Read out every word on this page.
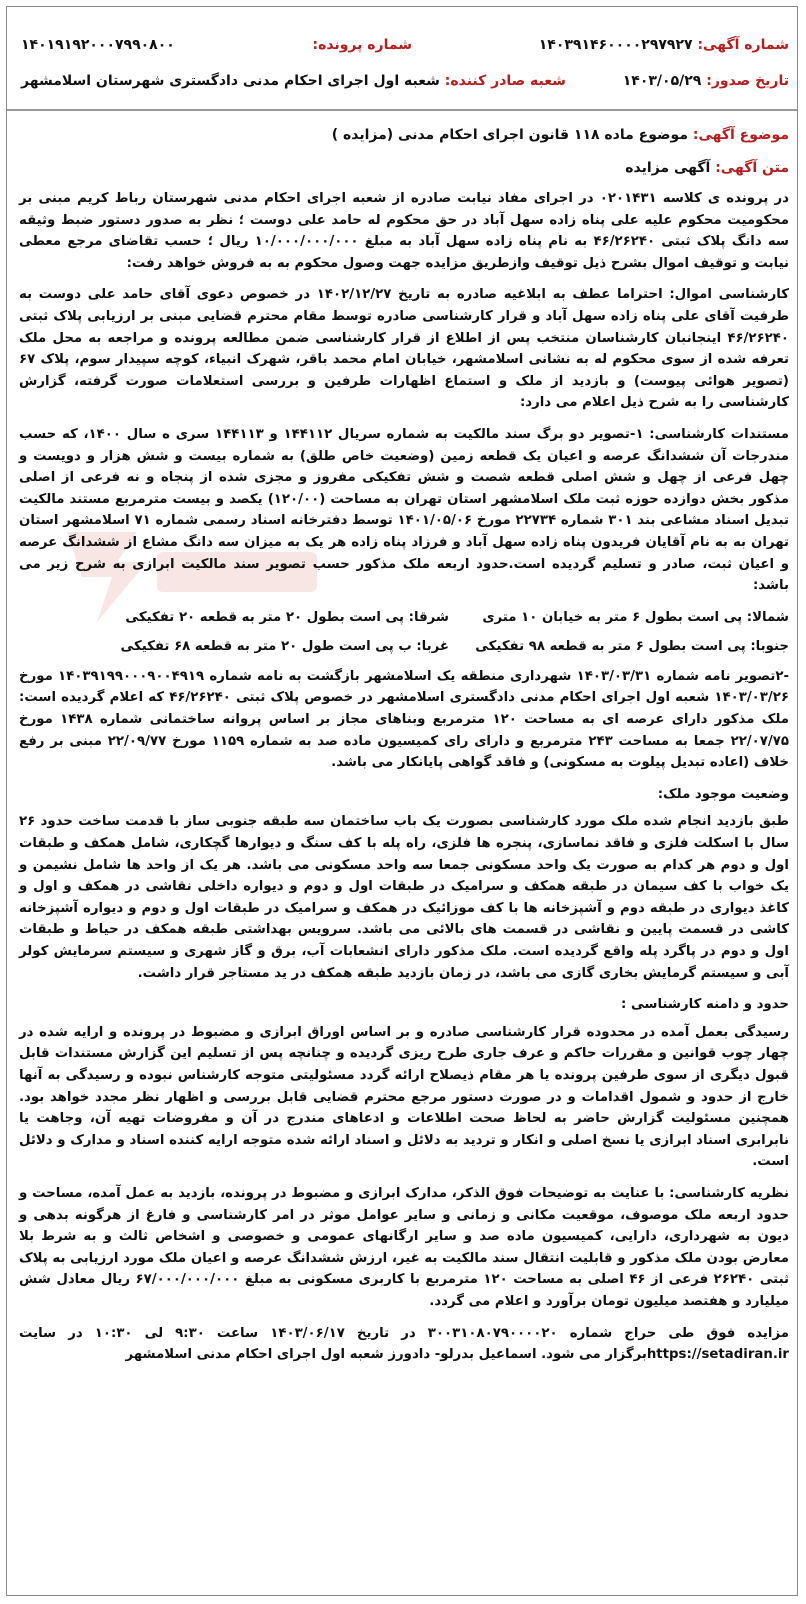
شماره آگهی: ۱۴۰۳۹۱۴۶۰۰۰۰۲۹۷۹۲۷
شماره پرونده:
۱۴۰۱۹۱۹۲۰۰۰۷۹۹۰۸۰۰
تاریخ صدور: ۱۴۰۳/۰۵/۲۹
شعبه صادر کننده: شعبه اول اجرای احکام مدنی دادگستری شهرستان اسلامشهر
موضوع آگهی: موضوع ماده ۱۱۸ قانون اجرای احکام مدنی (مزایده )
متن آگهی: آگهی مزایده

در پرونده ی کلاسه ۰۲۰۱۴۳۱ در اجرای مفاد نیابت صادره از شعبه اجرای احکام مدنی شهرستان رباط کریم مبنی بر محکومیت محکوم علیه علی پناه زاده سهل آباد در حق محکوم له حامد علی دوست ؛ نظر به صدور دستور ضبط وثیقه سه دانگ پلاک ثبتی ۴۶/۲۶۲۴۰ به نام پناه زاده سهل آباد به مبلغ ۱۰/۰۰۰/۰۰۰/۰۰۰ ریال ؛ حسب تقاضای مرجع معطی نیابت و توقیف اموال بشرح ذیل توقیف وازطریق مزایده جهت وصول محکوم به به فروش خواهد رفت:

کارشناسی اموال: احتراما عطف به ابلاغیه صادره به تاریخ ۱۴۰۲/۱۲/۲۷ در خصوص دعوی آقای حامد علی دوست به طرفیت آقای علی پناه زاده سهل آباد و قرار کارشناسی صادره توسط مقام محترم قضایی مبنی بر ارزیابی پلاک ثبتی ۴۶/۲۶۲۴۰ اینجانبان کارشناسان منتخب پس از اطلاع از قرار کارشناسی ضمن مطالعه پرونده و مراجعه به محل ملک تعرفه شده از سوی محکوم له به نشانی اسلامشهر، خیابان امام محمد باقر، شهرک انبیاء، کوچه سپیدار سوم، پلاک ۶۷ (تصویر هوائی پیوست) و بازدید از ملک و استماع اظهارات طرفین و بررسی استعلامات صورت گرفته، گزارش کارشناسی را به شرح ذیل اعلام می دارد:

مستندات کارشناسی: ۱-تصویر دو برگ سند مالکیت به شماره سریال ۱۴۴۱۱۲ و ۱۴۴۱۱۳ سری ه سال ۱۴۰۰، که حسب مندرجات آن ششدانگ عرصه و اعیان یک قطعه زمین (وضعیت خاص طلق) به شماره بیست و شش هزار و دویست و چهل فرعی از چهل و شش اصلی قطعه شصت و شش تفکیکی مفروز و مجزی شده از پنجاه و نه فرعی از اصلی مذکور بخش دوازده حوزه ثبت ملک اسلامشهر استان تهران به مساحت (۱۲۰/۰۰) یکصد و بیست مترمربع مستند مالکیت تبدیل اسناد مشاعی بند ۳۰۱ شماره ۲۲۷۳۴ مورخ ۱۴۰۱/۰۵/۰۶ توسط دفترخانه اسناد رسمی شماره ۷۱ اسلامشهر استان تهران به به نام آقایان فریدون پناه زاده سهل آباد و فرزاد پناه زاده هر یک به میزان سه دانگ مشاع از ششدانگ عرصه و اعیان ثبت، صادر و تسلیم گردیده است.حدود اربعه ملک مذکور حسب تصویر سند مالکیت ابرازی به شرح زیر می باشد:

شمالا: پی است بطول ۶ متر به خیابان ۱۰ متری
شرقا: پی است بطول ۲۰ متر به قطعه ۲۰ تفکیکی
جنوبا: پی است بطول ۶ متر به قطعه ۹۸ تفکیکی
غربا: ب پی است طول ۲۰ متر به قطعه ۶۸ تفکیکی

-۲تصویر نامه شماره ۱۴۰۳/۰۳/۳۱ شهرداری منطقه یک اسلامشهر بازگشت به نامه شماره ۱۴۰۳۹۱۹۹۰۰۰۹۰۰۴۹۱۹ مورخ ۱۴۰۳/۰۳/۲۶ شعبه اول اجرای احکام مدنی دادگستری اسلامشهر در خصوص پلاک ثبتی ۴۶/۲۶۲۴۰ که اعلام گردیده است: ملک مذکور دارای عرصه ای به مساحت ۱۲۰ مترمربع وبناهای مجاز بر اساس پروانه ساختمانی شماره ۱۴۳۸ مورخ ۲۲/۰۷/۷۵ جمعا به مساحت ۲۴۳ مترمربع و دارای رای کمیسیون ماده صد به شماره ۱۱۵۹ مورخ ۲۲/۰۹/۷۷ مبنی بر رفع خلاف (اعاده تبدیل پیلوت به مسکونی) و فاقد گواهی پایانکار می باشد.

وضعیت موجود ملک:

طبق بازدید انجام شده ملک مورد کارشناسی بصورت یک باب ساختمان سه طبقه جنوبی ساز با قدمت ساخت حدود ۲۶ سال با اسکلت فلزی و فاقد نماسازی، پنجره ها فلزی، راه پله با کف سنگ و دیوارها گچکاری، شامل همکف و طبقات اول و دوم هر کدام به صورت یک واحد مسکونی جمعا سه واحد مسکونی می باشد. هر یک از واحد ها شامل نشیمن و یک خواب با کف سیمان در طبقه همکف و سرامیک در طبقات اول و دوم و دیواره داخلی نقاشی در همکف و اول و کاغذ دیواری در طبقه دوم و آشپزخانه ها با کف موزائیک در همکف و سرامیک در طبقات اول و دوم و دیواره آشپزخانه کاشی در قسمت پایین و نقاشی در قسمت های بالائی می باشد. سرویس بهداشتی طبقه همکف در حیاط و طبقات اول و دوم در پاگرد پله واقع گردیده است. ملک مذکور دارای انشعابات آب، برق و گاز شهری و سیستم سرمایش کولر آبی و سیستم گرمایش بخاری گازی می باشد، در زمان بازدید طبقه همکف در ید مستاجر قرار داشت.

حدود و دامنه کارشناسی :

رسیدگی بعمل آمده در محدوده قرار کارشناسی صادره و بر اساس اوراق ابرازی و مضبوط در پرونده و ارایه شده در چهار چوب قوانین و مقررات حاکم و عرف جاری طرح ریزی گردیده و چنانچه پس از تسلیم این گزارش مستندات قابل قبول دیگری از سوی طرفین پرونده یا هر مقام ذیصلاح ارائه گردد مسئولیتی متوجه کارشناس نبوده و رسیدگی به آنها خارج از حدود و شمول اقدامات و در صورت دستور مرجع محترم قضایی قابل بررسی و اظهار نظر مجدد خواهد بود. همچنین مسئولیت گزارش حاضر به لحاظ صحت اطلاعات و ادعاهای مندرج در آن و مفروضات تهیه آن، وجاهت یا نابرابری اسناد ابرازی یا نسخ اصلی و انکار و تردید به دلائل و اسناد ارائه شده متوجه ارایه کننده اسناد و مدارک و دلائل است.

نظریه کارشناسی: با عنایت به توضیحات فوق الذکر، مدارک ابرازی و مضبوط در پرونده، بازدید به عمل آمده، مساحت و حدود اربعه ملک موصوف، موقعیت مکانی و زمانی و سایر عوامل موثر در امر کارشناسی و فارغ از هرگونه بدهی و دیون به شهرداری، دارایی، کمیسیون ماده صد و سایر ارگانهای عمومی و خصوصی و اشخاص ثالث و به شرط بلا معارض بودن ملک مذکور و قابلیت انتقال سند مالکیت به غیر، ارزش ششدانگ عرصه و اعیان ملک مورد ارزیابی به پلاک ثبتی ۲۶۲۴۰ فرعی از ۴۶ اصلی به مساحت ۱۲۰ مترمربع با کاربری مسکونی به مبلغ ۶۷/۰۰۰/۰۰۰/۰۰۰ ریال معادل شش میلیارد و هفتصد میلیون تومان برآورد و اعلام می گردد.

مزایده فوق طی حراج شماره ۳۰۰۳۱۰۸۰۷۹۰۰۰۰۲۰ در تاریخ ۱۴۰۳/۰۶/۱۷ ساعت ۹:۳۰ لی ۱۰:۳۰ در سایت https://setadiran.irبرگزار می شود. اسماعیل بدرلو- دادورز شعبه اول اجرای احکام مدنی اسلامشهر
